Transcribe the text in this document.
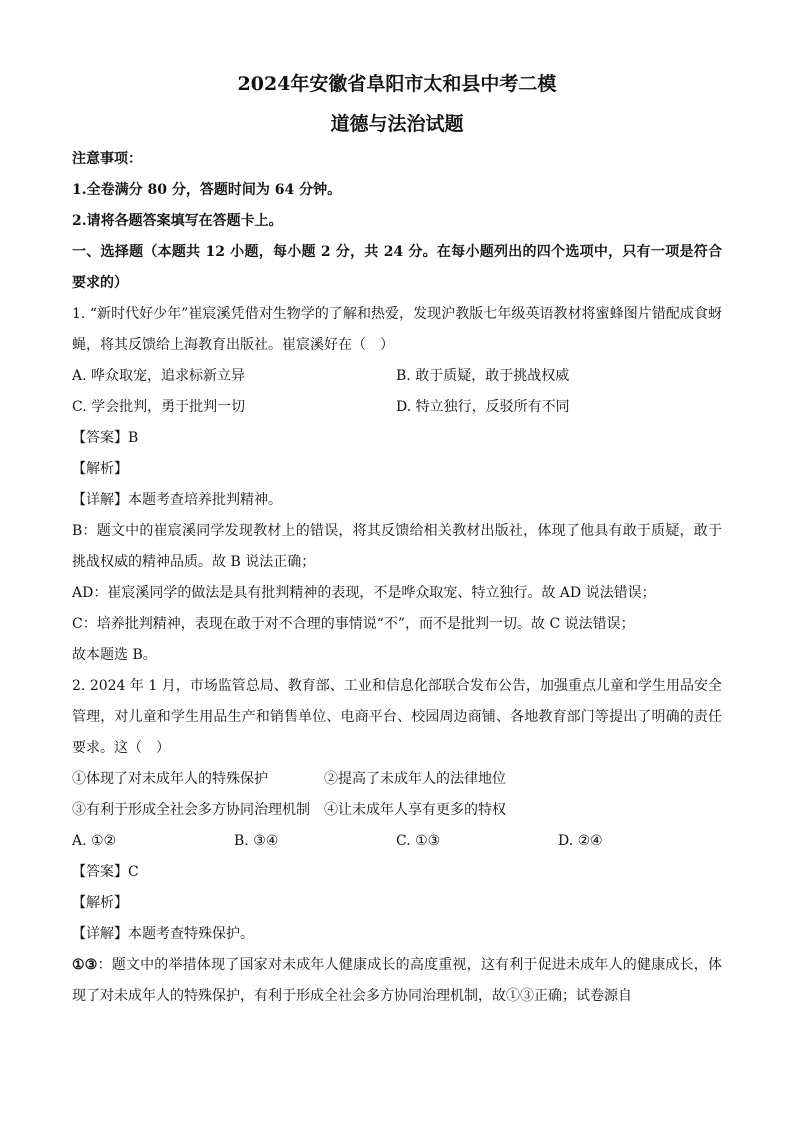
2024年安徽省阜阳市太和县中考二模

道德与法治试题

注意事项：

1.全卷满分 80 分，答题时间为 64 分钟。

2.请将各题答案填写在答题卡上。

一、选择题（本题共 12 小题，每小题 2 分，共 24 分。在每小题列出的四个选项中，只有一项是符合要求的）

1. “新时代好少年”崔宸溪凭借对生物学的了解和热爱，发现沪教版七年级英语教材将蜜蜂图片错配成食蚜蝇，将其反馈给上海教育出版社。崔宸溪好在（　）

A. 哗众取宠，追求标新立异	B. 敢于质疑，敢于挑战权威
C. 学会批判，勇于批判一切	D. 特立独行，反驳所有不同
【答案】B
【解析】
【详解】本题考查培养批判精神。

B：题文中的崔宸溪同学发现教材上的错误，将其反馈给相关教材出版社，体现了他具有敢于质疑，敢于挑战权威的精神品质。故 B 说法正确；

AD：崔宸溪同学的做法是具有批判精神的表现，不是哗众取宠、特立独行。故 AD 说法错误；

C：培养批判精神，表现在敢于对不合理的事情说“不”，而不是批判一切。故 C 说法错误；

故本题选 B。

2. 2024 年 1 月，市场监管总局、教育部、工业和信息化部联合发布公告，加强重点儿童和学生用品安全管理，对儿童和学生用品生产和销售单位、电商平台、校园周边商铺、各地教育部门等提出了明确的责任要求。这（　）

①体现了对未成年人的特殊保护	②提高了未成年人的法律地位
③有利于形成全社会多方协同治理机制	④让未成年人享有更多的特权
A. ①②	B. ③④	C. ①③	D. ②④
【答案】C
【解析】
【详解】本题考查特殊保护。

①③：题文中的举措体现了国家对未成年人健康成长的高度重视，这有利于促进未成年人的健康成长，体现了对未成年人的特殊保护，有利于形成全社会多方协同治理机制，故①③正确；试卷源自
